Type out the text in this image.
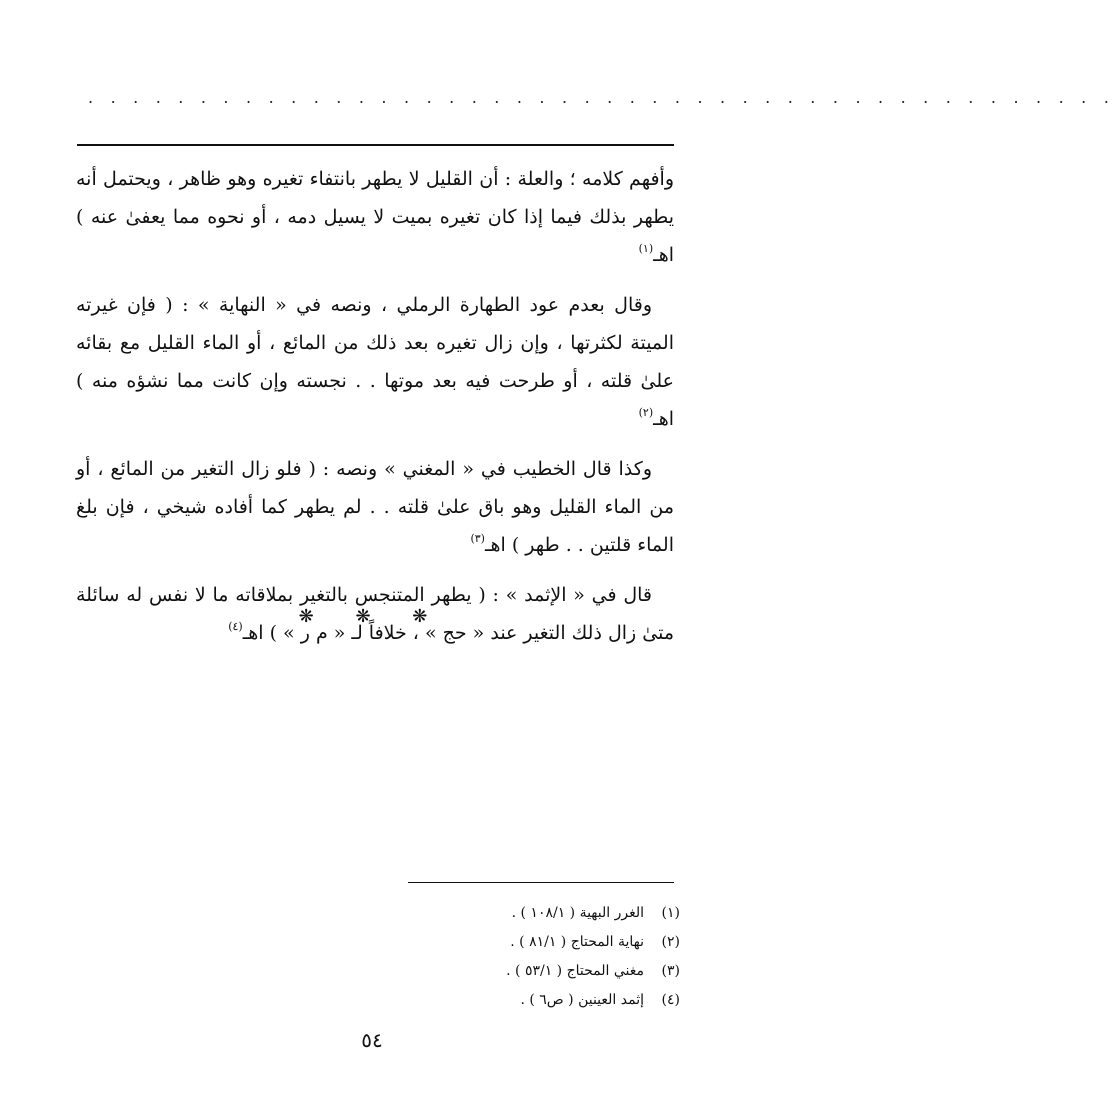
. . . . . . . . . . . . . . . . . . . . . . . . . . . . . . . . . . . . . . . . . . . . . .

وأفهم كلامه ؛ والعلة : أن القليل لا يطهر بانتفاء تغيره وهو ظاهر ، ويحتمل أنه يطهر بذلك فيما إذا كان تغيره بميت لا يسيل دمه ، أو نحوه مما يعفىٰ عنه ) اهـ$^{(١)}$

وقال بعدم عود الطهارة الرملي ، ونصه في « النهاية » : ( فإن غيرته الميتة لكثرتها ، وإن زال تغيره بعد ذلك من المائع ، أو الماء القليل مع بقائه علىٰ قلته ، أو طرحت فيه بعد موتها . . نجسته وإن كانت مما نشؤه منه ) اهـ$^{(٢)}$

وكذا قال الخطيب في « المغني » ونصه : ( فلو زال التغير من المائع ، أو من الماء القليل وهو باق علىٰ قلته . . لم يطهر كما أفاده شيخي ، فإن بلغ الماء قلتين . . طهر ) اهـ$^{(٣)}$

قال في « الإثمد » : ( يطهر المتنجس بالتغير بملاقاته ما لا نفس له سائلة متىٰ زال ذلك التغير عند « حج » ، خلافاً لـ « م ر » ) اهـ$^{(٤)}$	❋ ❋ ❋
(١)
الغرر البهية ( ١٠٨/١ ) .
(٢)
نهاية المحتاج ( ٨١/١ ) .
(٣)
مغني المحتاج ( ٥٣/١ ) .
(٤)
إثمد العينين ( ص٦ ) .
٥٤
